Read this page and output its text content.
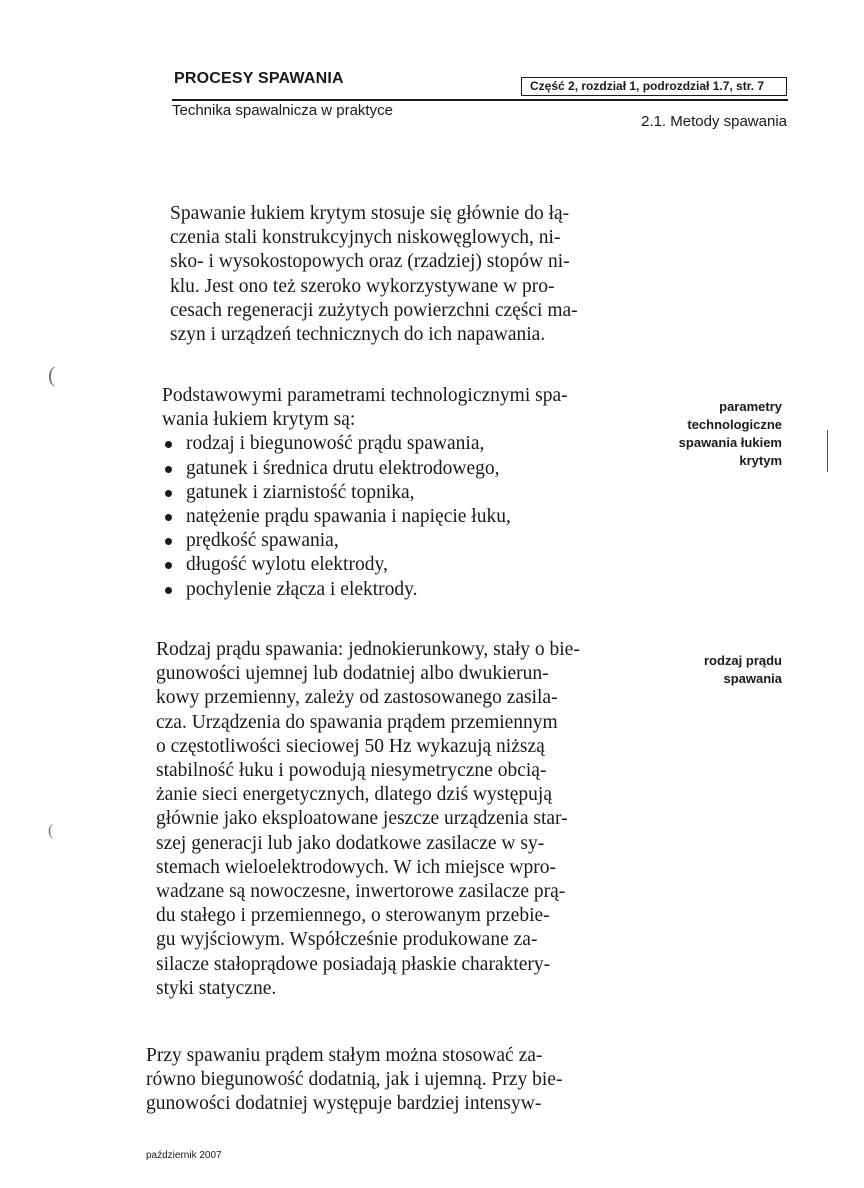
PROCESY SPAWANIA	Część 2, rozdział 1, podrozdział 1.7, str. 7
Technika spawalnicza w praktyce
2.1. Metody spawania
(
(
Spawanie łukiem krytym stosuje się głównie do łą-
czenia stali konstrukcyjnych niskowęglowych, ni-
sko- i wysokostopowych oraz (rzadziej) stopów ni-
klu. Jest ono też szeroko wykorzystywane w pro-
cesach regeneracji zużytych powierzchni części ma-
szyn i urządzeń technicznych do ich napawania.
Podstawowymi parametrami technologicznymi spa-
wania łukiem krytym są:
rodzaj i biegunowość prądu spawania,
gatunek i średnica drutu elektrodowego,
gatunek i ziarnistość topnika,
natężenie prądu spawania i napięcie łuku,
prędkość spawania,
długość wylotu elektrody,
pochylenie złącza i elektrody.
Rodzaj prądu spawania: jednokierunkowy, stały o bie-
gunowości ujemnej lub dodatniej albo dwukierun-
kowy przemienny, zależy od zastosowanego zasila-
cza. Urządzenia do spawania prądem przemiennym
o częstotliwości sieciowej 50 Hz wykazują niższą
stabilność łuku i powodują niesymetryczne obcią-
żanie sieci energetycznych, dlatego dziś występują
głównie jako eksploatowane jeszcze urządzenia star-
szej generacji lub jako dodatkowe zasilacze w sy-
stemach wieloelektrodowych. W ich miejsce wpro-
wadzane są nowoczesne, inwertorowe zasilacze prą-
du stałego i przemiennego, o sterowanym przebie-
gu wyjściowym. Współcześnie produkowane za-
silacze stałoprądowe posiadają płaskie charaktery-
styki statyczne.
Przy spawaniu prądem stałym można stosować za-
równo biegunowość dodatnią, jak i ujemną. Przy bie-
gunowości dodatniej występuje bardziej intensyw-
parametry
technologiczne
spawania łukiem
krytym
rodzaj prądu
spawania
październik 2007
